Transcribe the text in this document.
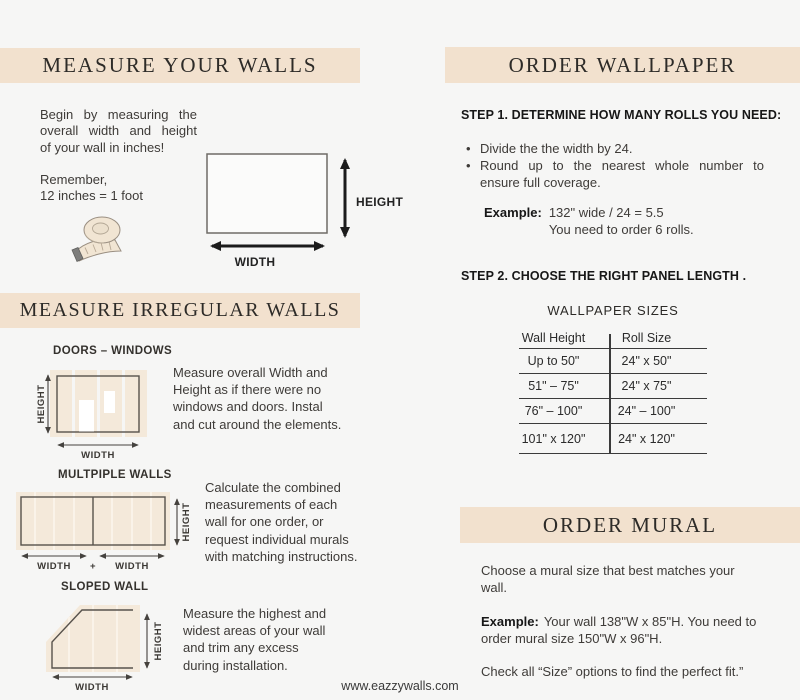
MEASURE YOUR WALLS
Begin by measuring the
overall width and height
of your wall in inches!
Remember,
12 inches = 1 foot	HEIGHT
WIDTH
MEASURE IRREGULAR WALLS
DOORS – WINDOWS
HEIGHT
WIDTH
Measure overall Width and
Height as if there were no
windows and doors. Instal
and cut around the elements.
MULTPIPLE WALLS
HEIGHT
WIDTH + WIDTH
Calculate the combined
measurements of each
wall for one order, or
request individual murals
with matching instructions.
SLOPED WALL
HEIGHT
WIDTH
Measure the highest and
widest areas of your wall
and trim any excess
during installation.
ORDER WALLPAPER
STEP 1. DETERMINE HOW MANY ROLLS YOU NEED:
• Divide the the width by 24.
• Round up to the nearest whole number to
ensure full coverage.
Example: 132" wide / 24 = 5.5
You need to order 6 rolls.
STEP 2. CHOOSE THE RIGHT PANEL LENGTH .
WALLPAPER SIZES
Wall Height	Roll Size
Up to 50"	24" x 50"
51" – 75"	24" x 75"
76" – 100"	24" – 100"
101" x 120"	24" x 120"
ORDER MURAL
Choose a mural size that best matches your
wall.
Example: Your wall 138"W x 85"H. You need to
order mural size 150"W x 96"H.
Check all “Size” options to find the perfect fit.”
www.eazzywalls.com
